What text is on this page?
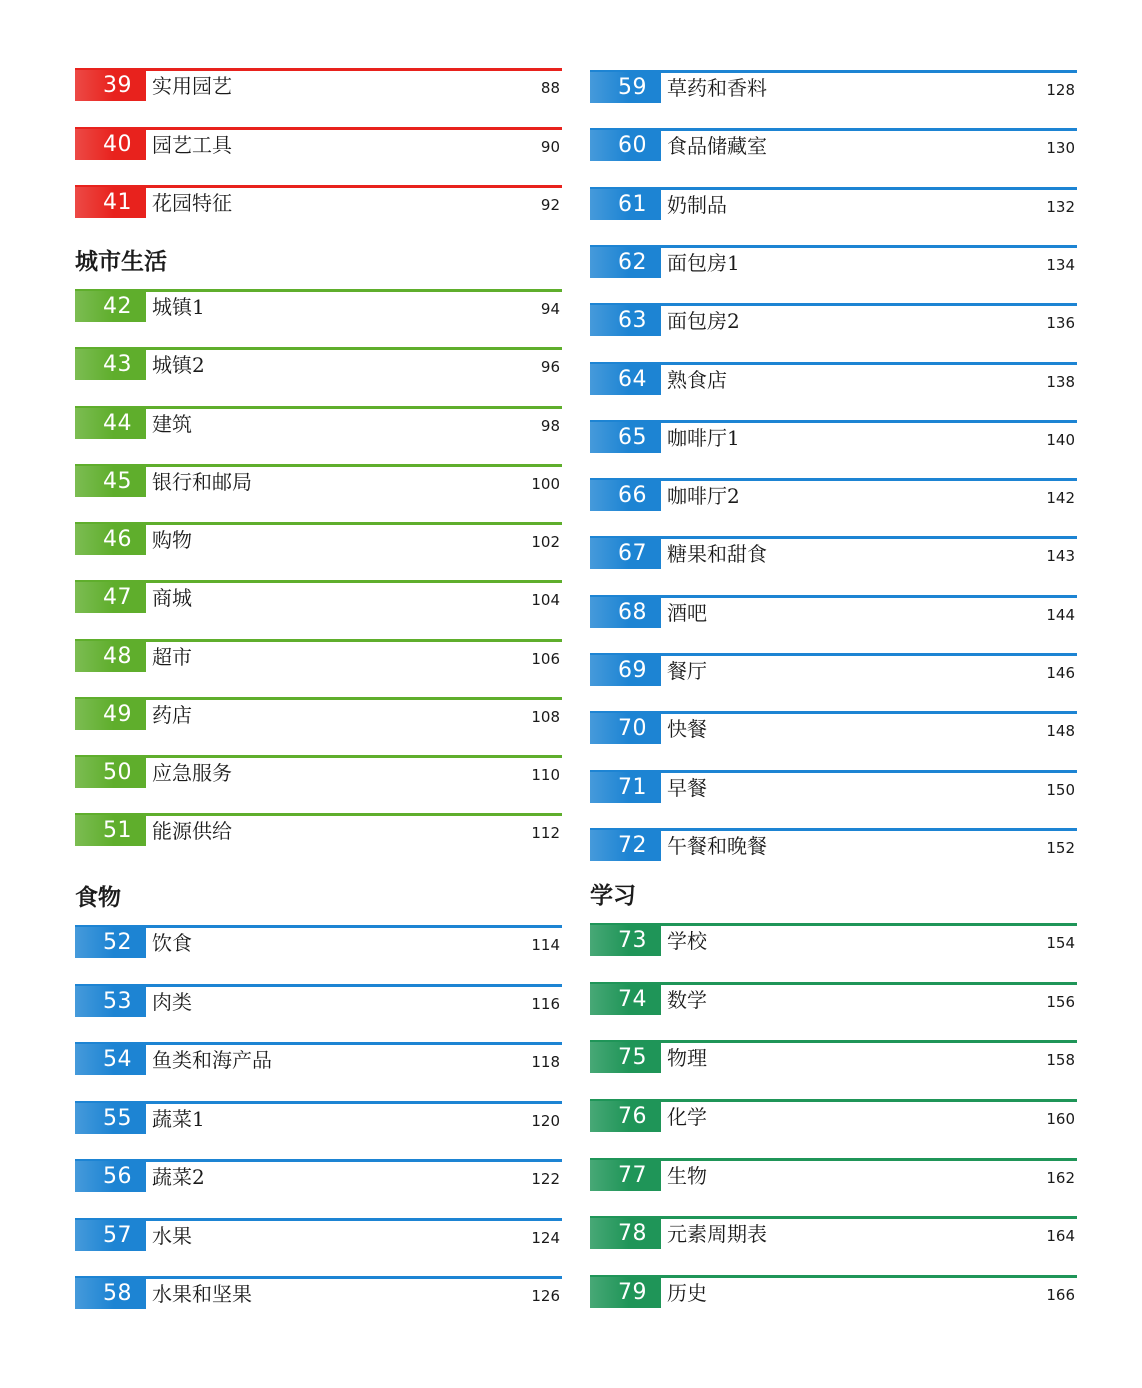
39	实用园艺	88
40	园艺工具	90
41	花园特征	92
城市生活
42	城镇1	94
43	城镇2	96
44	建筑	98
45	银行和邮局	100
46	购物	102
47	商城	104
48	超市	106
49	药店	108
50	应急服务	110
51	能源供给	112
食物
52	饮食	114
53	肉类	116
54	鱼类和海产品	118
55	蔬菜1	120
56	蔬菜2	122
57	水果	124
58	水果和坚果	126
59	草药和香料	128
60	食品储藏室	130
61	奶制品	132
62	面包房1	134
63	面包房2	136
64	熟食店	138
65	咖啡厅1	140
66	咖啡厅2	142
67	糖果和甜食	143
68	酒吧	144
69	餐厅	146
70	快餐	148
71	早餐	150
72	午餐和晚餐	152
学习
73	学校	154
74	数学	156
75	物理	158
76	化学	160
77	生物	162
78	元素周期表	164
79	历史	166
